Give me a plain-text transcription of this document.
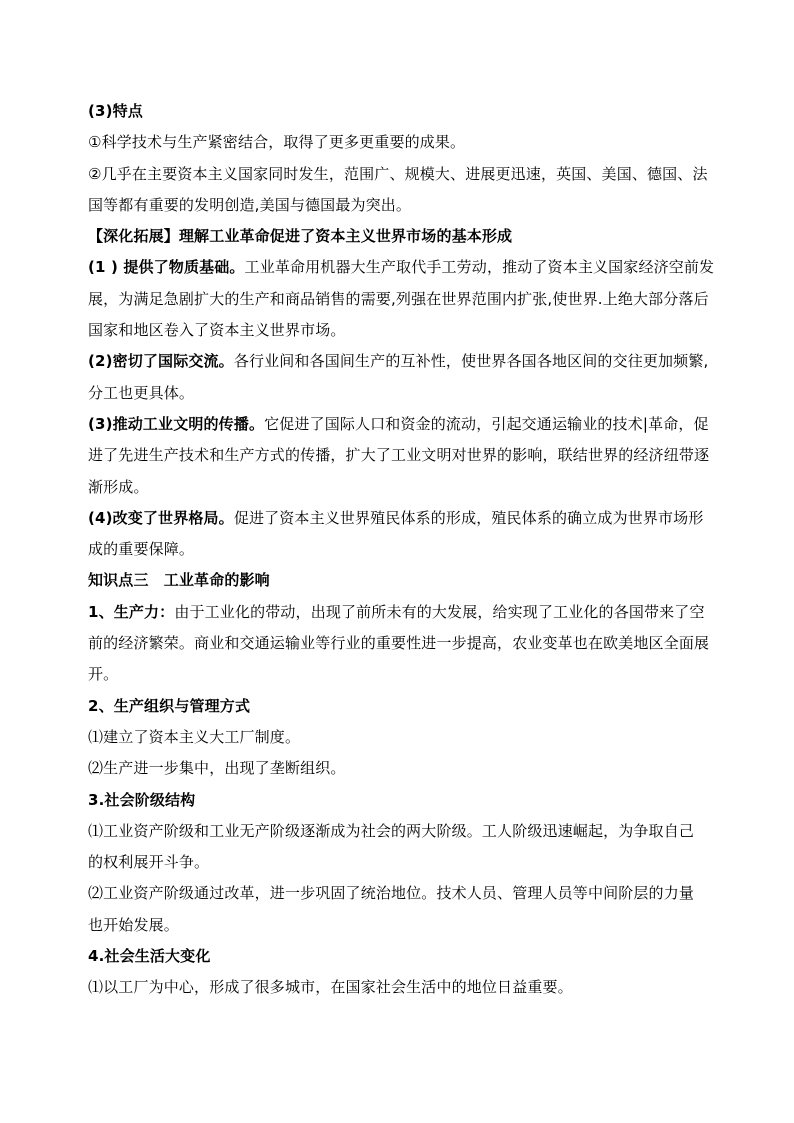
(3)特点
①科学技术与生产紧密结合，取得了更多更重要的成果。
②几乎在主要资本主义国家同时发生，范围广、规模大、进展更迅速，英国、美国、德国、法
国等都有重要的发明创造,美国与德国最为突出。
【深化拓展】理解工业革命促进了资本主义世界市场的基本形成
(1 ) 提供了物质基础。工业革命用机器大生产取代手工劳动，推动了资本主义国家经济空前发
展，为满足急剧扩大的生产和商品销售的需要,列强在世界范围内扩张,使世界.上绝大部分落后
国家和地区卷入了资本主义世界市场。
(2)密切了国际交流。各行业间和各国间生产的互补性，使世界各国各地区间的交往更加频繁,
分工也更具体。
(3)推动工业文明的传播。它促进了国际人口和资金的流动，引起交通运输业的技术|革命，促
进了先进生产技术和生产方式的传播，扩大了工业文明对世界的影响，联结世界的经济纽带逐
渐形成。
(4)改变了世界格局。促进了资本主义世界殖民体系的形成，殖民体系的确立成为世界市场形
成的重要保障。
知识点三　工业革命的影响
1、生产力：由于工业化的带动，出现了前所未有的大发展，给实现了工业化的各国带来了空
前的经济繁荣。商业和交通运输业等行业的重要性进一步提高，农业变革也在欧美地区全面展
开。
2、生产组织与管理方式
⑴建立了资本主义大工厂制度。
⑵生产进一步集中，出现了垄断组织。
3.社会阶级结构
⑴工业资产阶级和工业无产阶级逐渐成为社会的两大阶级。工人阶级迅速崛起，为争取自己
的权利展开斗争。
⑵工业资产阶级通过改革，进一步巩固了统治地位。技术人员、管理人员等中间阶层的力量
也开始发展。
4.社会生活大变化
⑴以工厂为中心，形成了很多城市，在国家社会生活中的地位日益重要。
